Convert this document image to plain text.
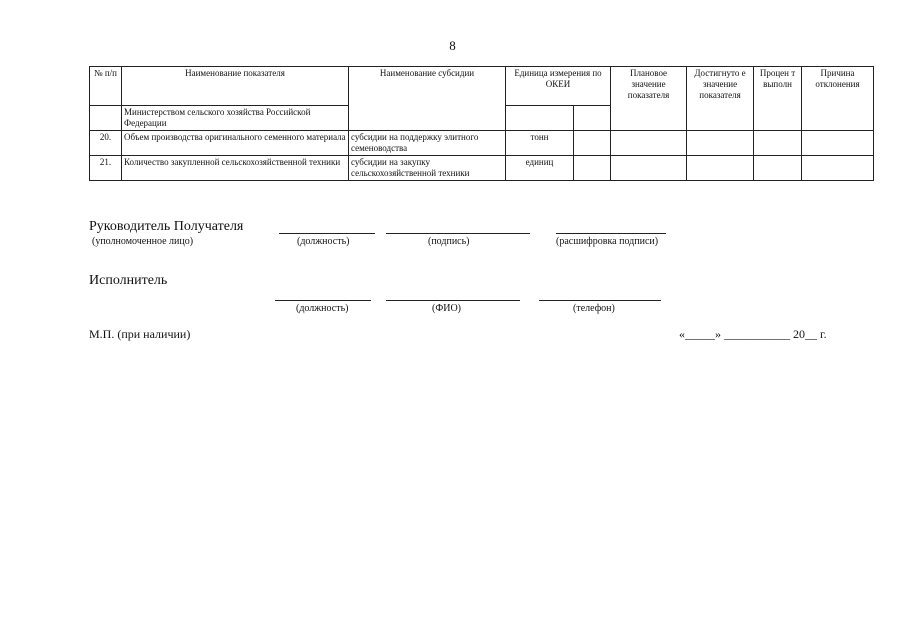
8
№ п/п	Наименование показателя	Наименование субсидии	Единица измерения по ОКЕИ		Плановое значение показателя	Достигнуто е значение показателя	Процен т выполн	Причина отклонения
	Министерством сельского хозяйства Российской Федерации							
20.	Объем производства оригинального семенного материала	субсидии на поддержку элитного семеноводства	тонн					
21.	Количество закупленной сельскохозяйственной техники	субсидии на закупку сельскохозяйственной техники	единиц					
Руководитель Получателя
(уполномоченное лицо)	(должность)	(подпись)	(расшифровка подписи)
Исполнитель
(должность)	(ФИО)	(телефон)
М.П. (при наличии)	«_____» ___________ 20__ г.
